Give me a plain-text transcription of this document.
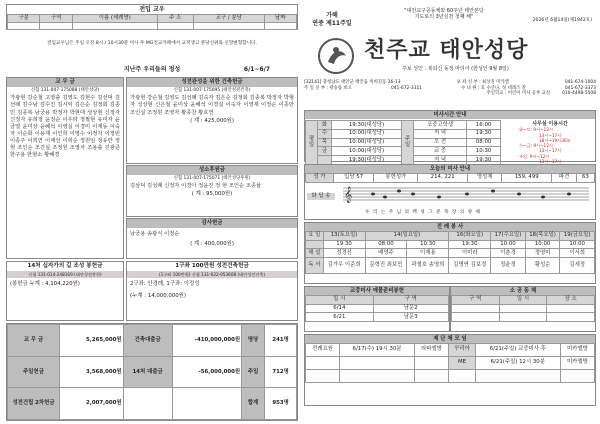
전입 교우					
구분	구역	이름 (세례명)	주 소	교구 / 분당	날짜

전입교우님은 주일 오전 8시 / 10시30분 미사 후 MG진교카페에서 교적갱고 분당신위와 신망변형합니다.
지난주 우리들의 정성	6/1~6/7
교 무 금
신협 131-007-175088 (태안성당)
가광현 강순철 고영출 김영도 김현수 김선덕 김선례 김수남 김수진 김시익 김은순 김정회 김종민 김종복 남궁용 박정자 박현대 성상현 신정자 신정자 유희정 윤정순 이우라 정필현 유미자 윤금열 윤미상 윤혜석 이영실 이경미 이계동 이숙자 이순화 이용재 이인희 이영수 이정자 이정빈 이종주 이희연 이재선 이희순 정원임 정유란 정 현 조인순 조진실 조정원 조영자 조용출 진광큰 한구용 한헝소 황혜경
성전완성을 위한 건축헌금
신협 131-007-175095 (태안성전건축)
가광현 강순철 김영도 김선례 김숙자 김은순 김정회 김종복 박정자 박형자 성상현 신은철 윤미상 윤혜석 이경실 이숙자 이영재 이정순 이종만 조인실 조정원 조영자 황종찬 황호연
( 계 : 425,000원)
성소후원금
신협 131-007-175071 (태안성당후원)
김삼덕 김성례 신정자 이경아 정윤진 정 현 조인순 조종율
( 계 : 95,000원)
감사헌금
남궁용 송광식 이정순
( 계 : 400,000원)
14처 십자가의 길 조성 봉헌금
신협 131-014-248169 (태안성전봉헌)
(봉헌금 누계 : 4,104,220원)
1구좌 100만원 성전건축헌금
(1구좌 100만원) 신협 131-022-953608 (태안성전건축)
2구좌: 안경례, 1구좌: 이정성
(누계 : 14,000,000원)
교 무 금	5,265,000원	건축대출금	-410,000,000원	명당	241명
주일헌금	3,568,000원	14처 대출금	-56,000,000원	주일	712명
성전건립 2차헌금	2,007,000원			합계	953명
가해
연중 제11주일
"대전교구공동체와 60주년 태안본당
기도로의 3년실천 첫째 해"
2026년 6월14일(제1942호)
천주교 태안성당
주보 성인 : 복되신 동정 마리아 (한성인 9월 8일)
[32141] 충청남도 태안군 태안읍 미희길동 26-13	보 좌 신 부 : 최상진 미카엘	041-674-1004
주 일 신 부 : 곽승룡 비오	041-672-3311	수 녀 원 : 호 수산나, 성 데레즈 잔	041-672-3373
주일학교 : 어린이 미사 공부 교실	010-4498-5508
미사시간 안내
평 일	화	19:30(대성당)	주 일	조중고학생	16:00
	수	10:00(대성당)		저 녁	19:30
	목	10:00(대성당)		오 전	08:00
	금	10:00(대성당)		교 중	10:30
		19:30(대성당)		저 녁	19:30
사무실 이용시간
화~토: 9시~12시
13시~17시
18시~19시30분
수~금: 9시~12시
13시~17시
주일: 9시~12시
13시~17시
오늘의 미사 안내
성 가	입당 57	봉헌성가	214, 221	영성체	159, 499	파견	63
화 답 송 𝄞
우 리 는 주 님 의 백 성 그 분 목 장 의 양 떼
전 례 봉 사
요 일	13(토요일)	14(일요일)		16(화요일)	17(수요일)	18(목요일)	19(금요일)
	19:30	08:00	10:30	19:30	10:00	10:00	10:00
해 설	정경선	배영주	이재용	이미라	이춘경	정영미	이서희
독 서	김가우 이준희	문혁진 최보민	곽철호 송영희	김명연 김보경	정윤정	황성순	김세정
교중미사 예물준비봉헌
일 시	구 역
6/14	남문2
6/21	남문3
소 공 동 체
구 역	일 시	장 소

제 단 체 모 임
전례요원	6/17(수) 19시 30분	라파엘방	꾸리아	6/21(주일) 교중미사 후	미카엘방
			ME	6/21(주일) 12시 30분	미카엘방
